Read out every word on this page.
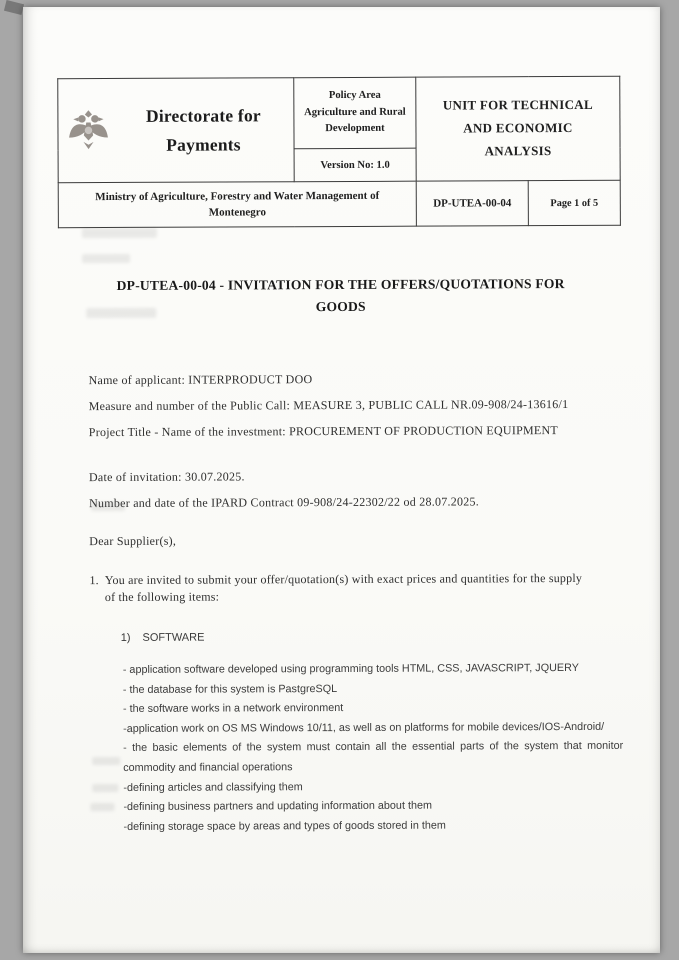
Directorate for Payments	Policy Area Agriculture and Rural Development	UNIT FOR TECHNICAL AND ECONOMIC ANALYSIS	
	Version No: 1.0		
Ministry of Agriculture, Forestry and Water Management of Montenegro		DP-UTEA-00-04	Page 1 of 5
DP-UTEA-00-04 - INVITATION FOR THE OFFERS/QUOTATIONS FOR
GOODS

Name of applicant: INTERPRODUCT DOO

Measure and number of the Public Call: MEASURE 3, PUBLIC CALL NR.09-908/24-13616/1

Project Title - Name of the investment: PROCUREMENT OF PRODUCTION EQUIPMENT

Date of invitation: 30.07.2025.

Number and date of the IPARD Contract 09-908/24-22302/22 od 28.07.2025.

Dear Supplier(s),

1. You are invited to submit your offer/quotation(s) with exact prices and quantities for the supply of the following items:
1) SOFTWARE

- application software developed using programming tools HTML, CSS, JAVASCRIPT, JQUERY

- the database for this system is PastgreSQL

- the software works in a network environment

-application work on OS MS Windows 10/11, as well as on platforms for mobile devices/IOS-Android/

- the basic elements of the system must contain all the essential parts of the system that monitor commodity and financial operations

-defining articles and classifying them

-defining business partners and updating information about them

-defining storage space by areas and types of goods stored in them
